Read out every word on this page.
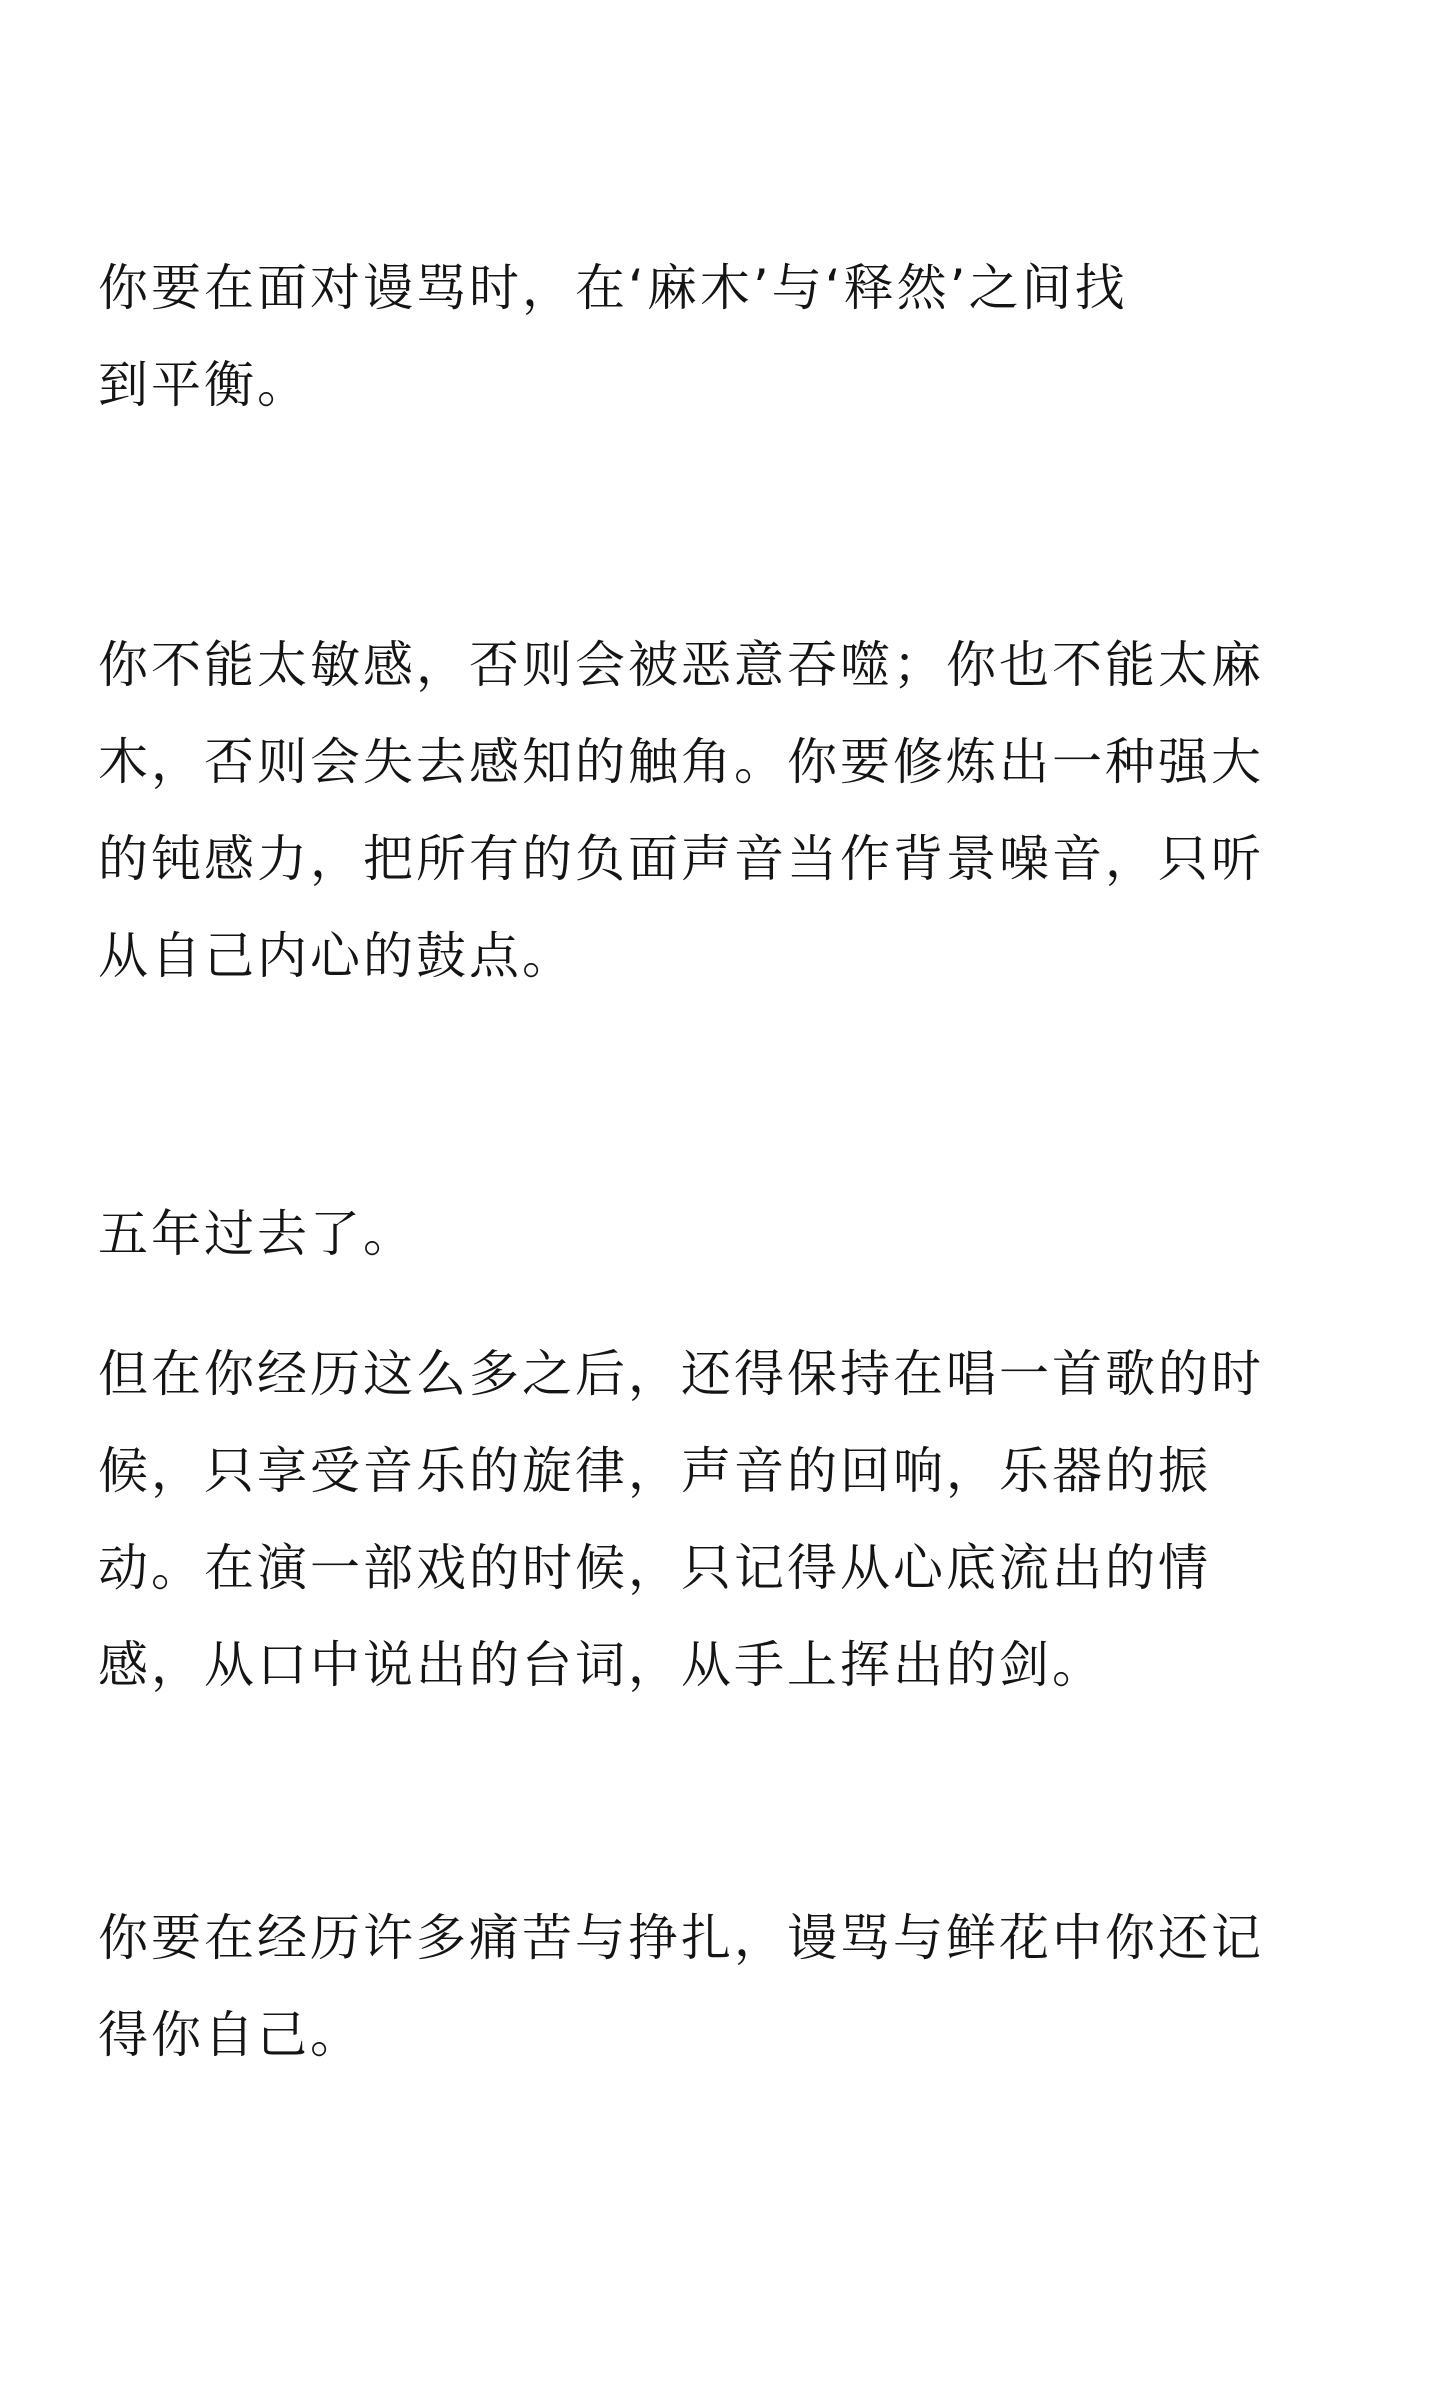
你要在面对谩骂时，在‘麻木’与‘释然’之间找
到平衡。

你不能太敏感，否则会被恶意吞噬；你也不能太麻
木，否则会失去感知的触角。你要修炼出一种强大
的钝感力，把所有的负面声音当作背景噪音，只听
从自己内心的鼓点。

五年过去了。

但在你经历这么多之后，还得保持在唱一首歌的时
候，只享受音乐的旋律，声音的回响，乐器的振
动。在演一部戏的时候，只记得从心底流出的情
感，从口中说出的台词，从手上挥出的剑。

你要在经历许多痛苦与挣扎，谩骂与鲜花中你还记
得你自己。
